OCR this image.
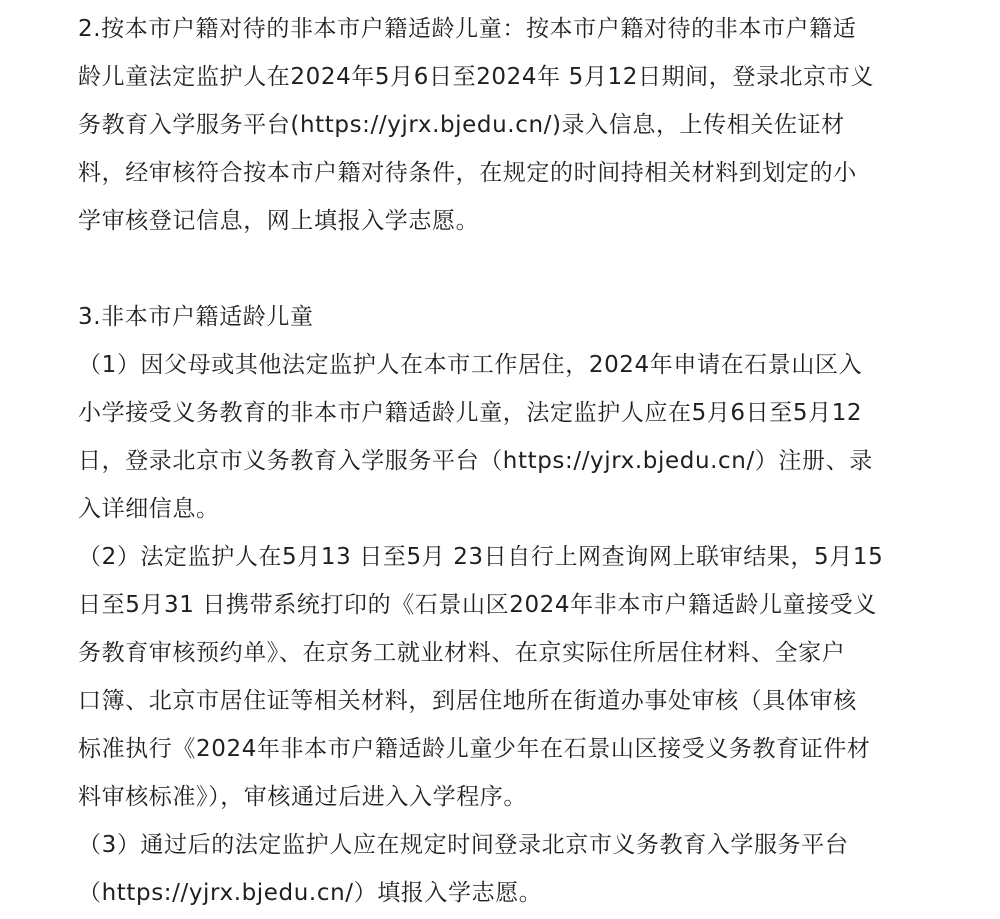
2.按本市户籍对待的非本市户籍适龄儿童：按本市户籍对待的非本市户籍适
龄儿童法定监护人在2024年5月6日至2024年 5月12日期间，登录北京市义
务教育入学服务平台(https://yjrx.bjedu.cn/)录入信息，上传相关佐证材
料，经审核符合按本市户籍对待条件，在规定的时间持相关材料到划定的小
学审核登记信息，网上填报入学志愿。
3.非本市户籍适龄儿童
（1）因父母或其他法定监护人在本市工作居住，2024年申请在石景山区入
小学接受义务教育的非本市户籍适龄儿童，法定监护人应在5月6日至5月12
日，登录北京市义务教育入学服务平台（https://yjrx.bjedu.cn/）注册、录
入详细信息。
（2）法定监护人在5月13 日至5月 23日自行上网查询网上联审结果，5月15
日至5月31 日携带系统打印的《石景山区2024年非本市户籍适龄儿童接受义
务教育审核预约单》、在京务工就业材料、在京实际住所居住材料、全家户
口簿、北京市居住证等相关材料，到居住地所在街道办事处审核（具体审核
标准执行《2024年非本市户籍适龄儿童少年在石景山区接受义务教育证件材
料审核标准》），审核通过后进入入学程序。
（3）通过后的法定监护人应在规定时间登录北京市义务教育入学服务平台
（https://yjrx.bjedu.cn/）填报入学志愿。
